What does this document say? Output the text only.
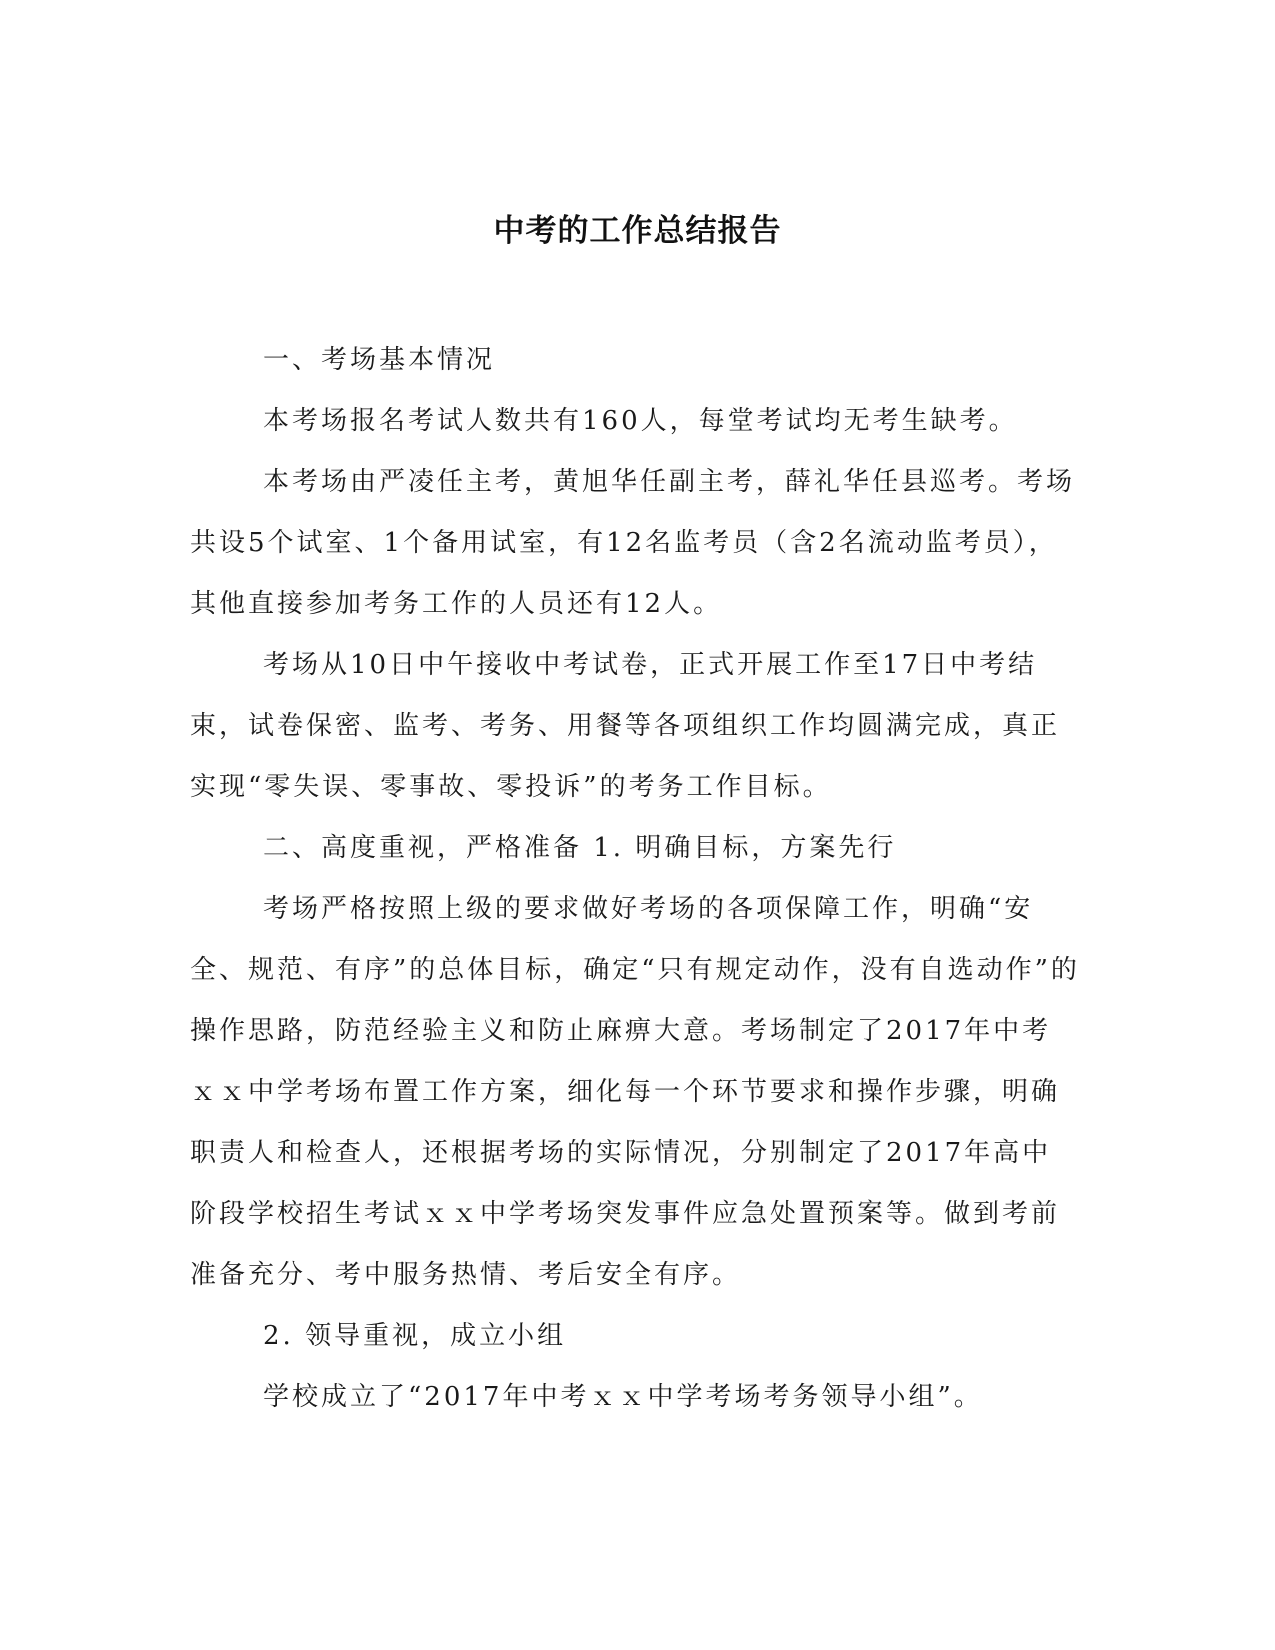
中考的工作总结报告

一、考场基本情况

本考场报名考试人数共有160人，每堂考试均无考生缺考。

本考场由严凌任主考，黄旭华任副主考，薛礼华任县巡考。考场共设5个试室、1个备用试室，有12名监考员（含2名流动监考员），其他直接参加考务工作的人员还有12人。

考场从10日中午接收中考试卷，正式开展工作至17日中考结束，试卷保密、监考、考务、用餐等各项组织工作均圆满完成，真正实现“零失误、零事故、零投诉”的考务工作目标。

二、高度重视，严格准备 1. 明确目标，方案先行

考场严格按照上级的要求做好考场的各项保障工作，明确“安全、规范、有序”的总体目标，确定“只有规定动作，没有自选动作”的操作思路，防范经验主义和防止麻痹大意。考场制定了2017年中考ｘｘ中学考场布置工作方案，细化每一个环节要求和操作步骤，明确职责人和检查人，还根据考场的实际情况，分别制定了2017年高中阶段学校招生考试ｘｘ中学考场突发事件应急处置预案等。做到考前准备充分、考中服务热情、考后安全有序。

2. 领导重视，成立小组

学校成立了“2017年中考ｘｘ中学考场考务领导小组”。
